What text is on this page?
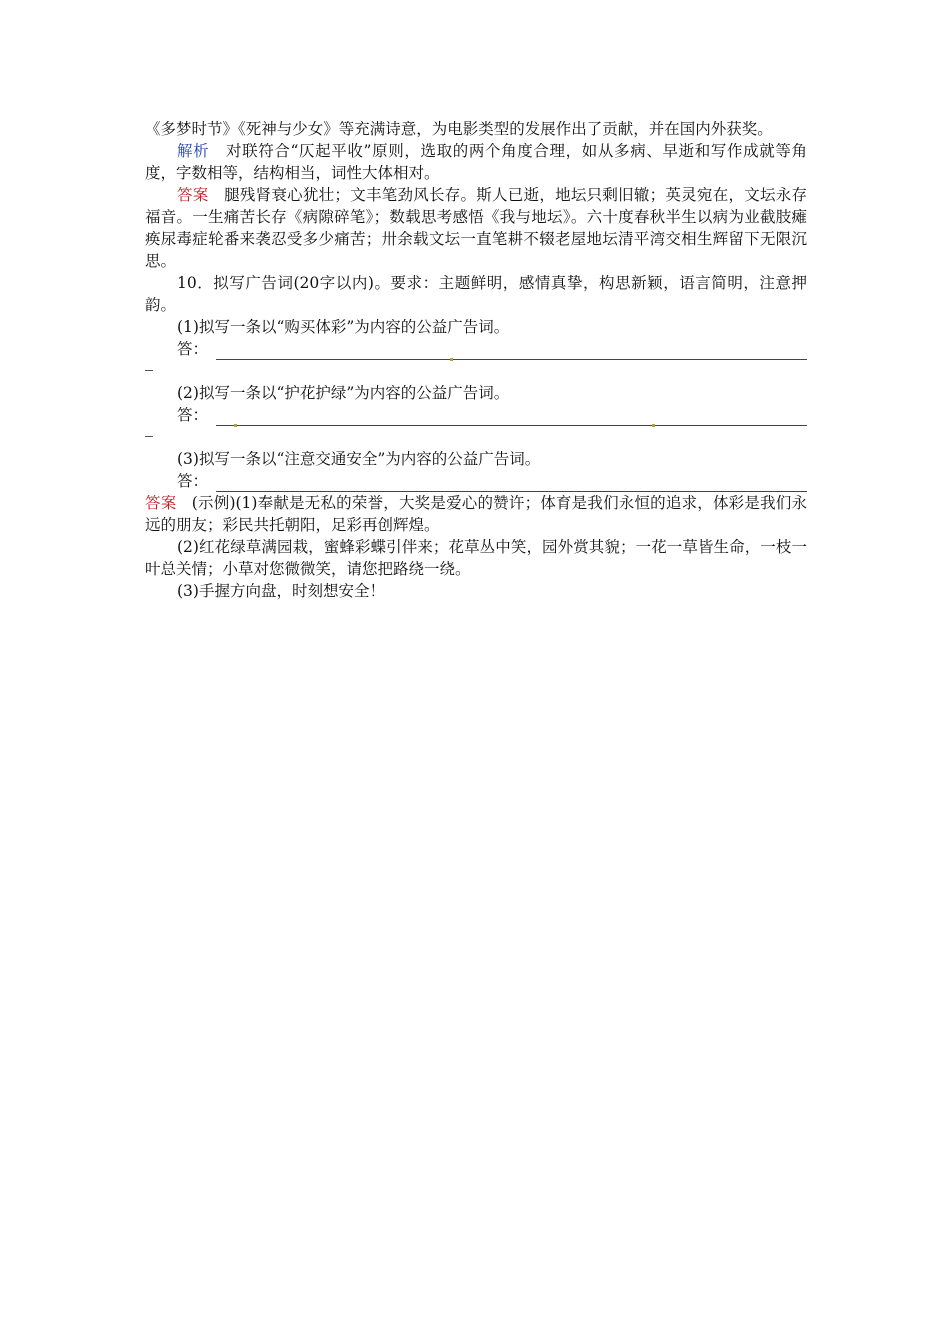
《多梦时节》《死神与少女》等充满诗意，为电影类型的发展作出了贡献，并在国内外获奖。

解析 对联符合“仄起平收”原则，选取的两个角度合理，如从多病、早逝和写作成就等角度，字数相等，结构相当，词性大体相对。

答案 腿残肾衰心犹壮；文丰笔劲风长存。斯人已逝，地坛只剩旧辙；英灵宛在，文坛永存福音。一生痛苦长存《病隙碎笔》；数载思考感悟《我与地坛》。六十度春秋半生以病为业截肢瘫痪尿毒症轮番来袭忍受多少痛苦；卅余载文坛一直笔耕不辍老屋地坛清平湾交相生辉留下无限沉思。

10．拟写广告词(20字以内)。要求：主题鲜明，感情真挚，构思新颖，语言简明，注意押韵。

(1)拟写一条以“购买体彩”为内容的公益广告词。

答：

(2)拟写一条以“护花护绿”为内容的公益广告词。

答：

(3)拟写一条以“注意交通安全”为内容的公益广告词。

答：

答案 (示例)(1)奉献是无私的荣誉，大奖是爱心的赞许；体育是我们永恒的追求，体彩是我们永远的朋友；彩民共托朝阳，足彩再创辉煌。

(2)红花绿草满园栽，蜜蜂彩蝶引伴来；花草丛中笑，园外赏其貌；一花一草皆生命，一枝一叶总关情；小草对您微微笑，请您把路绕一绕。

(3)手握方向盘，时刻想安全！
